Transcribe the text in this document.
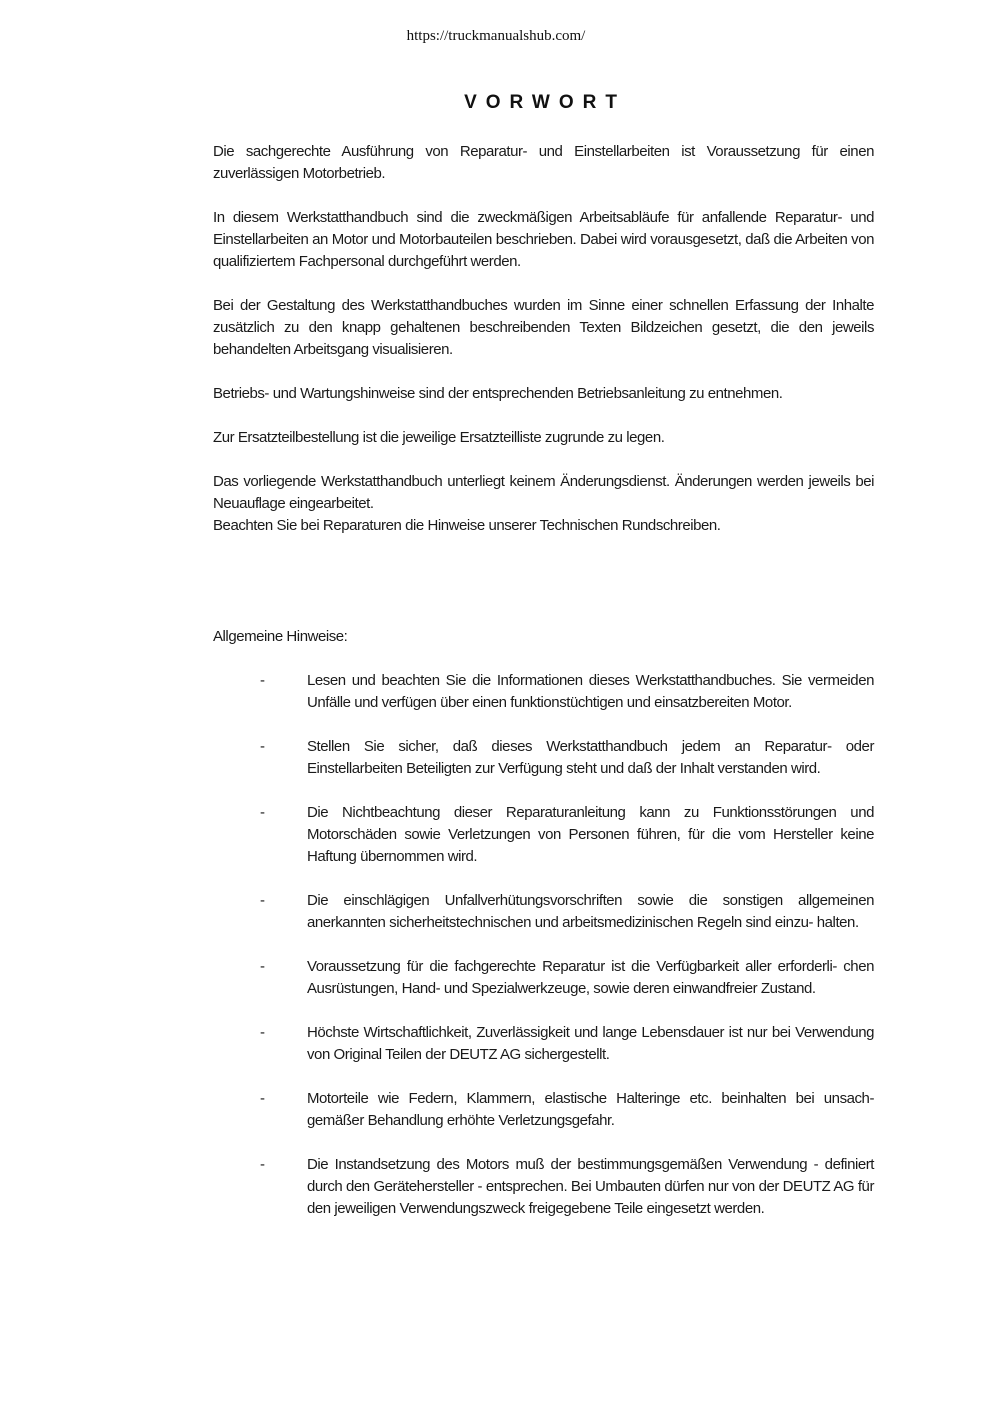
https://truckmanualshub.com/
VORWORT

Die sachgerechte Ausführung von Reparatur- und Einstellarbeiten ist Voraussetzung für einen zuverlässigen Motorbetrieb.

In diesem Werkstatthandbuch sind die zweckmäßigen Arbeitsabläufe für anfallende Reparatur- und Einstellarbeiten an Motor und Motorbauteilen beschrieben. Dabei wird vorausgesetzt, daß die Arbeiten von qualifiziertem Fachpersonal durchgeführt werden.

Bei der Gestaltung des Werkstatthandbuches wurden im Sinne einer schnellen Erfassung der Inhalte zusätzlich zu den knapp gehaltenen beschreibenden Texten Bildzeichen gesetzt, die den jeweils behandelten Arbeitsgang visualisieren.

Betriebs- und Wartungshinweise sind der entsprechenden Betriebsanleitung zu entnehmen.

Zur Ersatzteilbestellung ist die jeweilige Ersatzteilliste zugrunde zu legen.

Das vorliegende Werkstatthandbuch unterliegt keinem Änderungsdienst. Änderungen werden jeweils bei Neuauflage eingearbeitet.

Beachten Sie bei Reparaturen die Hinweise unserer Technischen Rundschreiben.

Allgemeine Hinweise:
-	Lesen und beachten Sie die Informationen dieses Werkstatthandbuches. Sie vermeiden Unfälle und verfügen über einen funktionstüchtigen und einsatzbereiten Motor.
-	Stellen Sie sicher, daß dieses Werkstatthandbuch jedem an Reparatur- oder Einstellarbeiten Beteiligten zur Verfügung steht und daß der Inhalt verstanden wird.
-	Die Nichtbeachtung dieser Reparaturanleitung kann zu Funktionsstörungen und Motorschäden sowie Verletzungen von Personen führen, für die vom Hersteller keine Haftung übernommen wird.
-	Die einschlägigen Unfallverhütungsvorschriften sowie die sonstigen allgemeinen anerkannten sicherheitstechnischen und arbeitsmedizinischen Regeln sind einzu- halten.
-	Voraussetzung für die fachgerechte Reparatur ist die Verfügbarkeit aller erforderli- chen Ausrüstungen, Hand- und Spezialwerkzeuge, sowie deren einwandfreier Zustand.
-	Höchste Wirtschaftlichkeit, Zuverlässigkeit und lange Lebensdauer ist nur bei Verwendung von Original Teilen der DEUTZ AG sichergestellt.
-	Motorteile wie Federn, Klammern, elastische Halteringe etc. beinhalten bei unsach- gemäßer Behandlung erhöhte Verletzungsgefahr.
-	Die Instandsetzung des Motors muß der bestimmungsgemäßen Verwendung - definiert durch den Gerätehersteller - entsprechen. Bei Umbauten dürfen nur von der DEUTZ AG für den jeweiligen Verwendungszweck freigegebene Teile eingesetzt werden.
